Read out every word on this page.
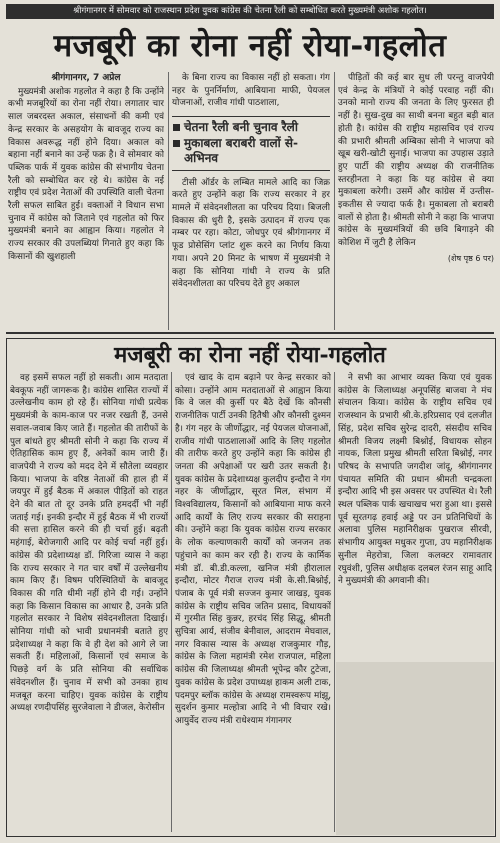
श्रीगंगानगर में सोमवार को राजस्थान प्रदेश युवक कांग्रेस की चेतना रैली को सम्बोधित करते मुख्यमंत्री अशोक गहलोत।
मजबूरी का रोना नहीं रोया-गहलोत
श्रीगंगानगर, 7 अप्रेल

मुख्यमंत्री अशोक गहलोत ने कहा है कि उन्होंने कभी मजबूरियों का रोना नहीं रोया। लगातार चार साल जबरदस्त अकाल, संसाधनों की कमी एवं केन्द्र सरकार के असहयोग के बावजूद राज्य का विकास अवरूद्ध नहीं होने दिया। अकाल को बहाना नहीं बनाने का उन्हें फक्र है। वे सोमवार को पब्लिक पार्क में युवक कांग्रेस की संभागीय चेतना रैली को सम्बोधित कर रहे थे। कांग्रेस के नई राष्ट्रीय एवं प्रदेश नेताओं की उपस्थिति वाली चेतना रैली सफल साबित हुई। वक्ताओं ने विधान सभा चुनाव में कांग्रेस को जिताने एवं गहलोत को फिर मुख्यमंत्री बनाने का आह्वान किया। गहलोत ने राज्य सरकार की उपलब्धियां गिनाते हुए कहा कि किसानों की खुशहाली

के बिना राज्य का विकास नहीं हो सकता। गंग नहर के पुनर्निर्माण, आबियाना माफी, पेयजल योजनाओं, राजीव गांधी पाठशाला,

चेतना रैली बनी चुनाव रैली
मुकाबला बराबरी वालों से-अभिनव

टीसी ऑर्डर के लम्बित मामले आदि का जिक्र करते हुए उन्होंने कहा कि राज्य सरकार ने हर मामले में संवेदनशीलता का परिचय दिया। बिजली विकास की धुरी है, इसके उत्पादन में राज्य एक नम्बर पर रहा। कोटा, जोधपुर एवं श्रीगंगानगर में फूड प्रोसेसिंग प्लांट शुरू करने का निर्णय किया गया। अपने 20 मिनट के भाषण में मुख्यमंत्री ने कहा कि सोनिया गांधी ने राज्य के प्रति संवेदनशीलता का परिचय देते हुए अकाल

पीड़ितों की कई बार सुध ली परन्तु वाजपेयी एवं केन्द्र के मंत्रियों ने कोई परवाह नहीं की। उनको मानो राज्य की जनता के लिए फुरसत ही नहीं है। सुख-दुख का साथी बनना बहुत बड़ी बात होती है। कांग्रेस की राष्ट्रीय महासचिव एवं राज्य की प्रभारी श्रीमती अम्बिका सोनी ने भाजपा को खूब खरी-खोटी सुनाई। भाजपा का उपहास उड़ाते हुए पार्टी की राष्ट्रीय अध्यक्ष की राजनीतिक स्तरहीनता ने कहा कि यह कांग्रेस से क्या मुकाबला करेगी। उसमें और कांग्रेस में उन्तीस-इकतीस से ज्यादा फर्क है। मुकाबला तो बराबरी वालों से होता है। श्रीमती सोनी ने कहा कि भाजपा कांग्रेस के मुख्यमंत्रियों की छवि बिगाड़ने की कोशिश में जुटी है लेकिन

(शेष पृष्ठ 6 पर)
मजबूरी का रोना नहीं रोया-गहलोत

वह इसमें सफल नहीं हो सकती। आम मतदाता बेवकूफ नहीं जागरूक है। कांग्रेस शासित राज्यों में उल्लेखनीय काम हो रहे हैं। सोनिया गांधी प्रत्येक मुख्यमंत्री के काम-काज पर नजर रखती हैं, उनसे सवाल-जवाब किए जाते हैं। गहलोत की तारीफों के पुल बांधते हुए श्रीमती सोनी ने कहा कि राज्य में ऐतिहासिक काम हुए हैं, अनेकों काम जारी हैं। वाजपेयी ने राज्य को मदद देने में सौतेला व्यवहार किया। भाजपा के वरिष्ठ नेताओं की हाल ही में जयपुर में हुई बैठक में अकाल पीड़ितों को राहत देने की बात तो दूर उनके प्रति हमदर्दी भी नहीं जताई गई। इनकी इन्दौर में हुई बैठक में भी राज्यों की सत्ता हासिल करने की ही चर्चा हुई। बढ़ती महंगाई, बेरोजगारी आदि पर कोई चर्चा नहीं हुई। कांग्रेस की प्रदेशाध्यक्ष डॉ. गिरिजा व्यास ने कहा कि राज्य सरकार ने गत चार वर्षों में उल्लेखनीय काम किए हैं। विषम परिस्थितियों के बावजूद विकास की गति धीमी नहीं होने दी गई। उन्होंने कहा कि किसान विकास का आधार है, उनके प्रति गहलोत सरकार ने विशेष संवेदनशीलता दिखाई। सोनिया गांधी को भावी प्रधानमंत्री बताते हुए प्रदेशाध्यक्ष ने कहा कि वे ही देश को आगे ले जा सकती हैं। महिलाओं, किसानों एवं समाज के पिछड़े वर्ग के प्रति सोनिया की सर्वाधिक संवेदनशील हैं। चुनाव में सभी को उनका हाथ मजबूत करना चाहिए। युवक कांग्रेस के राष्ट्रीय अध्यक्ष रणदीपसिंह सुरजेवाला ने डीजल, केरोसीन

एवं खाद के दाम बढ़ाने पर केन्द्र सरकार को कोसा। उन्होंने आम मतदाताओं से आह्वान किया कि वे जल की कुर्सी पर बैठे देखें कि कौनसी राजनीतिक पार्टी उनकी हितैषी और कौनसी दुश्मन है। गंग नहर के जीर्णोद्धार, नई पेयजल योजनाओं, राजीव गांधी पाठशालाओं आदि के लिए गहलोत की तारीफ करते हुए उन्होंने कहा कि कांग्रेस ही जनता की अपेक्षाओं पर खरी उतर सकती है। युवक कांग्रेस के प्रदेशाध्यक्ष कुलदीप इन्दौरा ने गंग नहर के जीर्णोद्धार, सूरत मिल, संभाग में विश्वविद्यालय, किसानों को आबियाना माफ करने आदि कार्यों के लिए राज्य सरकार की सराहना की। उन्होंने कहा कि युवक कांग्रेस राज्य सरकार के लोक कल्याणकारी कार्यों को जनजन तक पहुंचाने का काम कर रही है। राज्य के कार्मिक मंत्री डॉ. बी.डी.कल्ला, खनिज मंत्री हीरालाल इन्दौरा, मोटर गैराज राज्य मंत्री के.सी.बिश्नोई, पंजाब के पूर्व मंत्री सज्जन कुमार जाखड़, युवक कांग्रेस के राष्ट्रीय सचिव जतिन प्रसाद, विधायकों में गुरमीत सिंह कुन्नर, हरचंद सिंह सिद्धू, श्रीमती सुचित्रा आर्य, संजीव बेनीवाल, आदराम मेघवाल, नगर विकास न्यास के अध्यक्ष राजकुमार गौड़, कांग्रेस के जिला महामंत्री रमेश राजपाल, महिला कांग्रेस की जिलाध्यक्ष श्रीमती भूपेन्द्र कौर टुटेजा, युवक कांग्रेस के प्रदेश उपाध्यक्ष हाकम अली टाक, पदमपुर ब्लॉक कांग्रेस के अध्यक्ष रामस्वरूप मांझू, सुदर्शन कुमार मल्होत्रा आदि ने भी विचार रखे। आयुर्वेद राज्य मंत्री राधेश्याम गंगानगर

ने सभी का आभार व्यक्त किया एवं युवक कांग्रेस के जिलाध्यक्ष अनूपसिंह बाजवा ने मंच संचालन किया। कांग्रेस के राष्ट्रीय सचिव एवं राजस्थान के प्रभारी श्री.के.हरिप्रसाद एवं दलजीत सिंह, प्रदेश सचिव सुरेन्द्र दादरी, संसदीय सचिव श्रीमती विजय लक्ष्मी बिश्नोई, विधायक सोहन नायक, जिला प्रमुख श्रीमती सरिता बिश्नोई, नगर परिषद के सभापति जगदीश जांदू, श्रीगंगानगर पंचायत समिति की प्रधान श्रीमती चन्द्रकला इन्दौरा आदि भी इस अवसर पर उपस्थित थे। रैली स्थल पब्लिक पार्क खचाखच भरा हुआ था। इससे पूर्व सूरतगढ़ हवाई अड्डे पर उन प्रतिनिधियों के अलावा पुलिस महानिरीक्षक पुखराज सीरवी, संभागीय आयुक्त मधुकर गुप्ता, उप महानिरीक्षक सुनील मेहरोत्रा, जिला कलक्टर रामावतार रघुवंशी, पुलिस अधीक्षक दलबल रंजन साहू आदि ने मुख्यमंत्री की अगवानी की।
